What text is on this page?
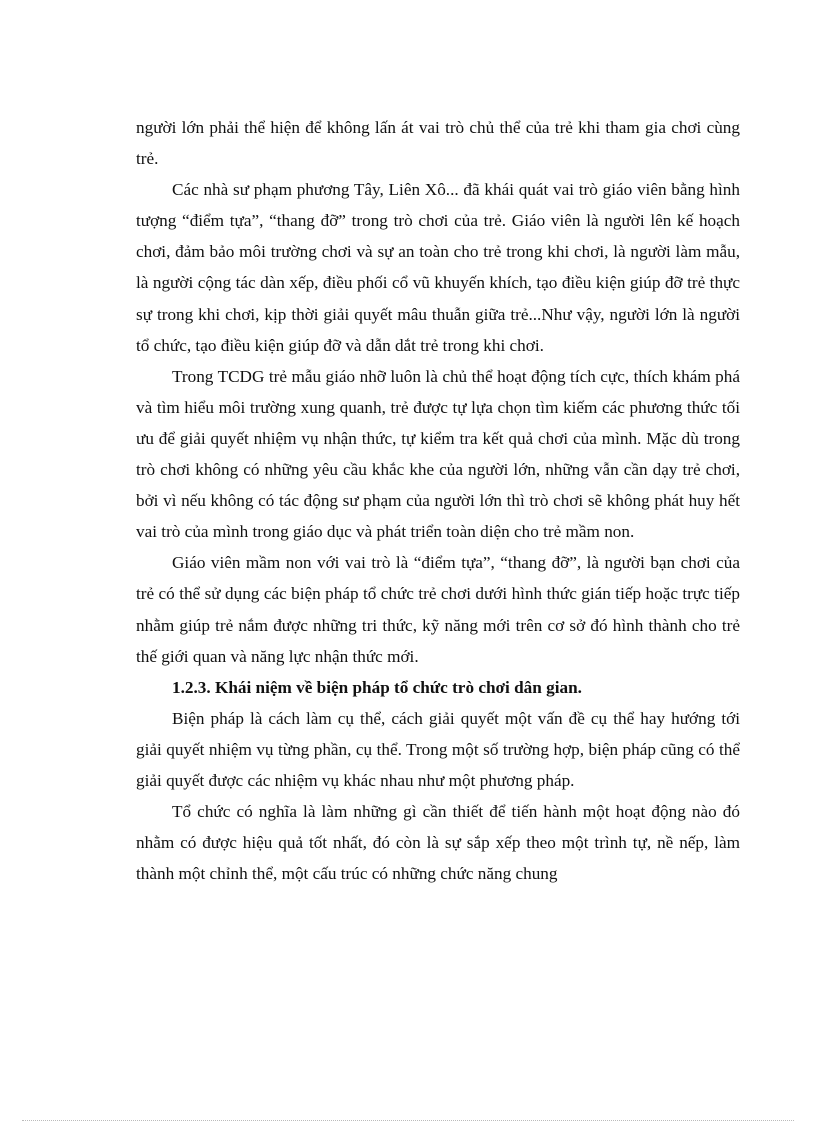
người lớn phải thể hiện để không lấn át vai trò chủ thể của trẻ khi tham gia chơi cùng trẻ.

Các nhà sư phạm phương Tây, Liên Xô... đã khái quát vai trò giáo viên bằng hình tượng “điểm tựa”, “thang đỡ” trong trò chơi của trẻ. Giáo viên là người lên kế hoạch chơi, đảm bảo môi trường chơi và sự an toàn cho trẻ trong khi chơi, là người làm mẫu, là người cộng tác dàn xếp, điều phối cổ vũ khuyến khích, tạo điều kiện giúp đỡ trẻ thực sự trong khi chơi, kịp thời giải quyết mâu thuẫn giữa trẻ...Như vậy, người lớn là người tổ chức, tạo điều kiện giúp đỡ và dẫn dắt trẻ trong khi chơi.

Trong TCDG trẻ mẫu giáo nhỡ luôn là chủ thể hoạt động tích cực, thích khám phá và tìm hiểu môi trường xung quanh, trẻ được tự lựa chọn tìm kiếm các phương thức tối ưu để giải quyết nhiệm vụ nhận thức, tự kiểm tra kết quả chơi của mình. Mặc dù trong trò chơi không có những yêu cầu khắc khe của người lớn, những vẫn cần dạy trẻ chơi, bởi vì nếu không có tác động sư phạm của người lớn thì trò chơi sẽ không phát huy hết vai trò của mình trong giáo dục và phát triển toàn diện cho trẻ mầm non.

Giáo viên mầm non với vai trò là “điểm tựa”, “thang đỡ”, là người bạn chơi của trẻ có thể sử dụng các biện pháp tổ chức trẻ chơi dưới hình thức gián tiếp hoặc trực tiếp nhằm giúp trẻ nắm được những tri thức, kỹ năng mới trên cơ sở đó hình thành cho trẻ thế giới quan và năng lực nhận thức mới.

1.2.3. Khái niệm về biện pháp tổ chức trò chơi dân gian.

Biện pháp là cách làm cụ thể, cách giải quyết một vấn đề cụ thể hay hướng tới giải quyết nhiệm vụ từng phần, cụ thể. Trong một số trường hợp, biện pháp cũng có thể giải quyết được các nhiệm vụ khác nhau như một phương pháp.

Tổ chức có nghĩa là làm những gì cần thiết để tiến hành một hoạt động nào đó nhằm có được hiệu quả tốt nhất, đó còn là sự sắp xếp theo một trình tự, nề nếp, làm thành một chỉnh thể, một cấu trúc có những chức năng chung
